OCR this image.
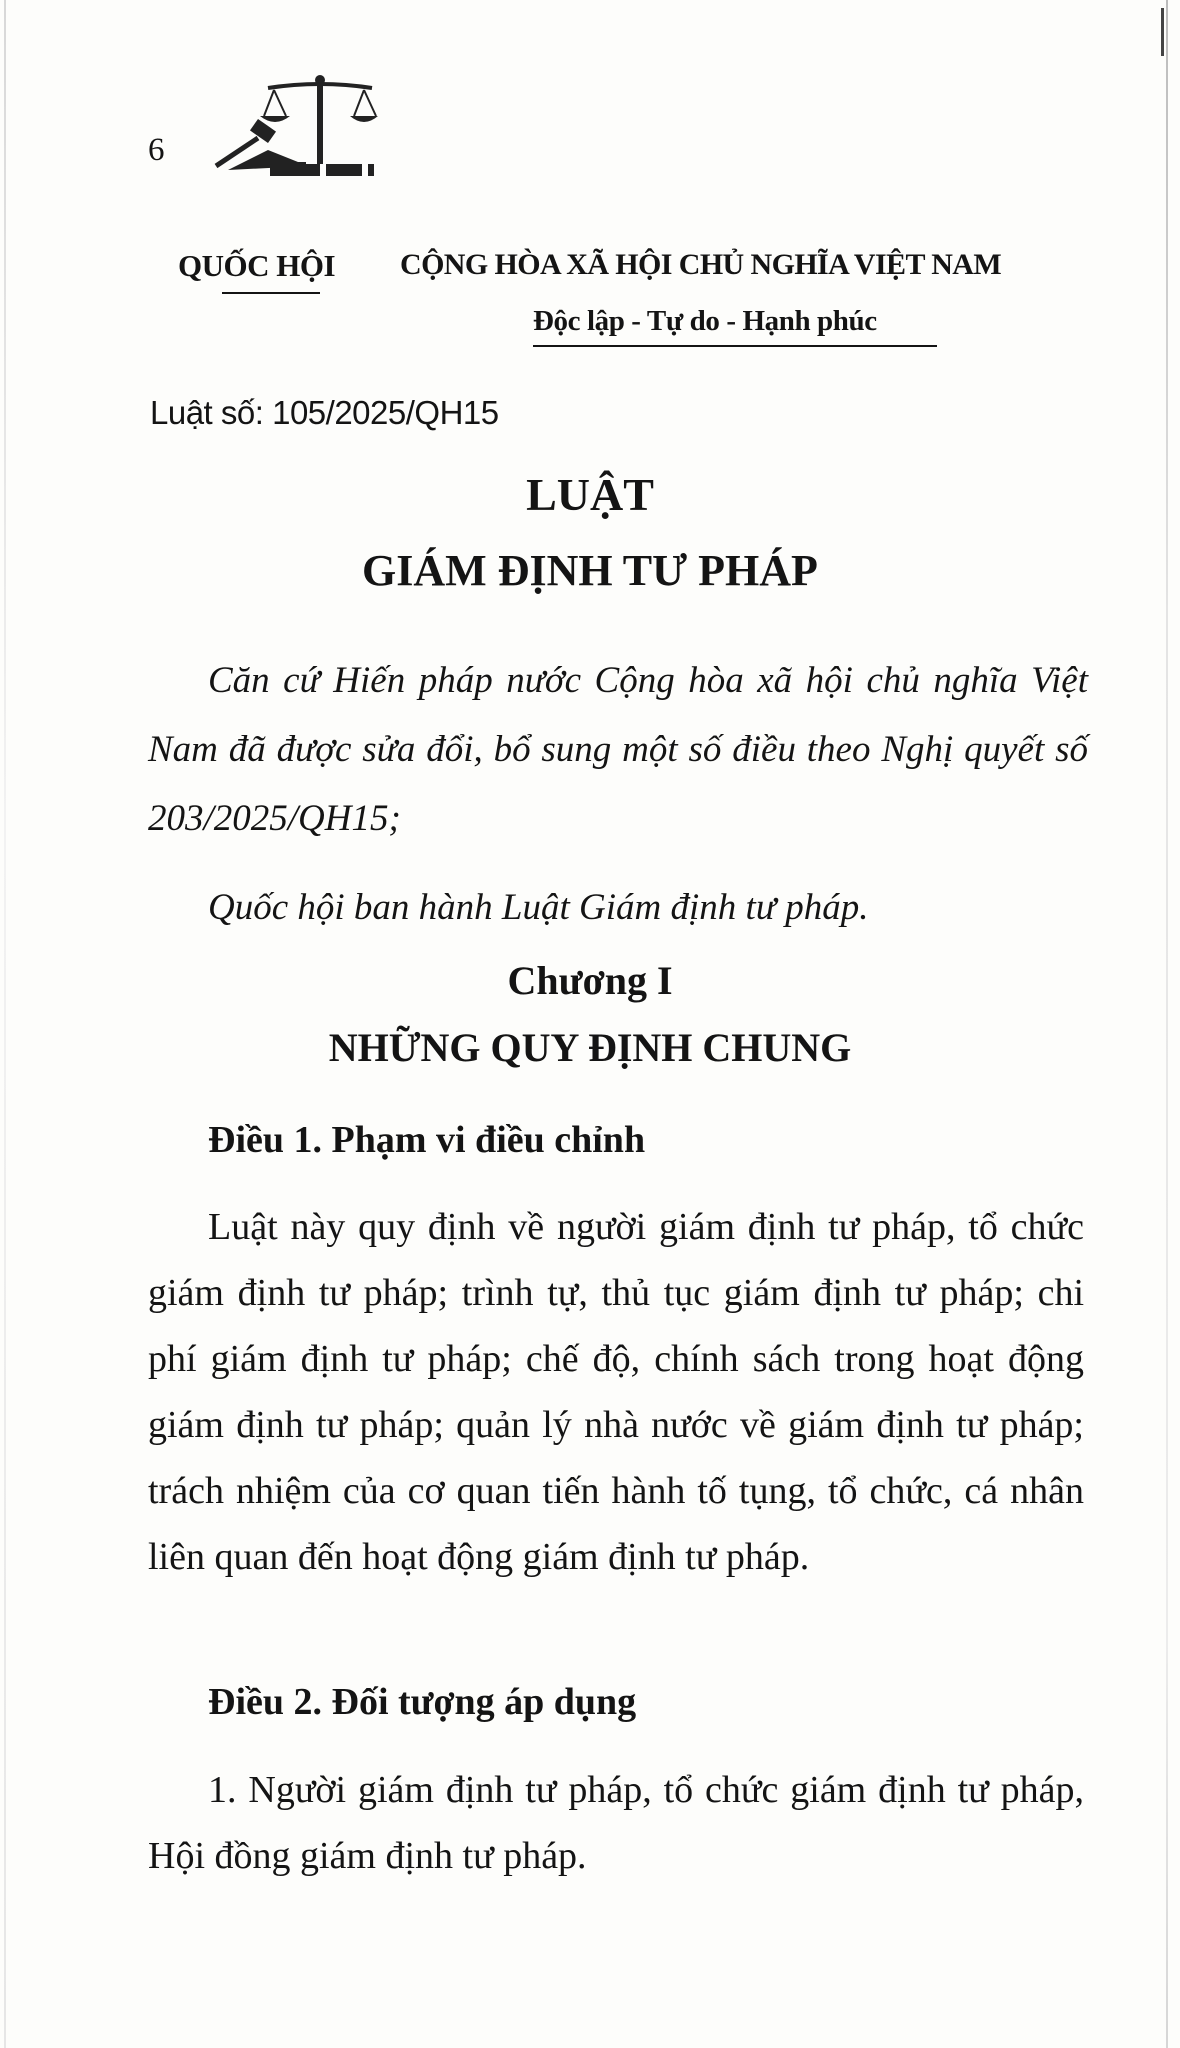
6
QUỐC HỘI CỘNG HÒA XÃ HỘI CHỦ NGHĨA VIỆT NAM
Độc lập - Tự do - Hạnh phúc
Luật số: 105/2025/QH15
LUẬT
GIÁM ĐỊNH TƯ PHÁP
Căn cứ Hiến pháp nước Cộng hòa xã hội chủ nghĩa Việt Nam đã được sửa đổi, bổ sung một số điều theo Nghị quyết số 203/2025/QH15;
Quốc hội ban hành Luật Giám định tư pháp.
Chương I
NHỮNG QUY ĐỊNH CHUNG
Điều 1. Phạm vi điều chỉnh
Luật này quy định về người giám định tư pháp, tổ chức giám định tư pháp; trình tự, thủ tục giám định tư pháp; chi phí giám định tư pháp; chế độ, chính sách trong hoạt động giám định tư pháp; quản lý nhà nước về giám định tư pháp; trách nhiệm của cơ quan tiến hành tố tụng, tổ chức, cá nhân liên quan đến hoạt động giám định tư pháp.
Điều 2. Đối tượng áp dụng
1. Người giám định tư pháp, tổ chức giám định tư pháp, Hội đồng giám định tư pháp.
